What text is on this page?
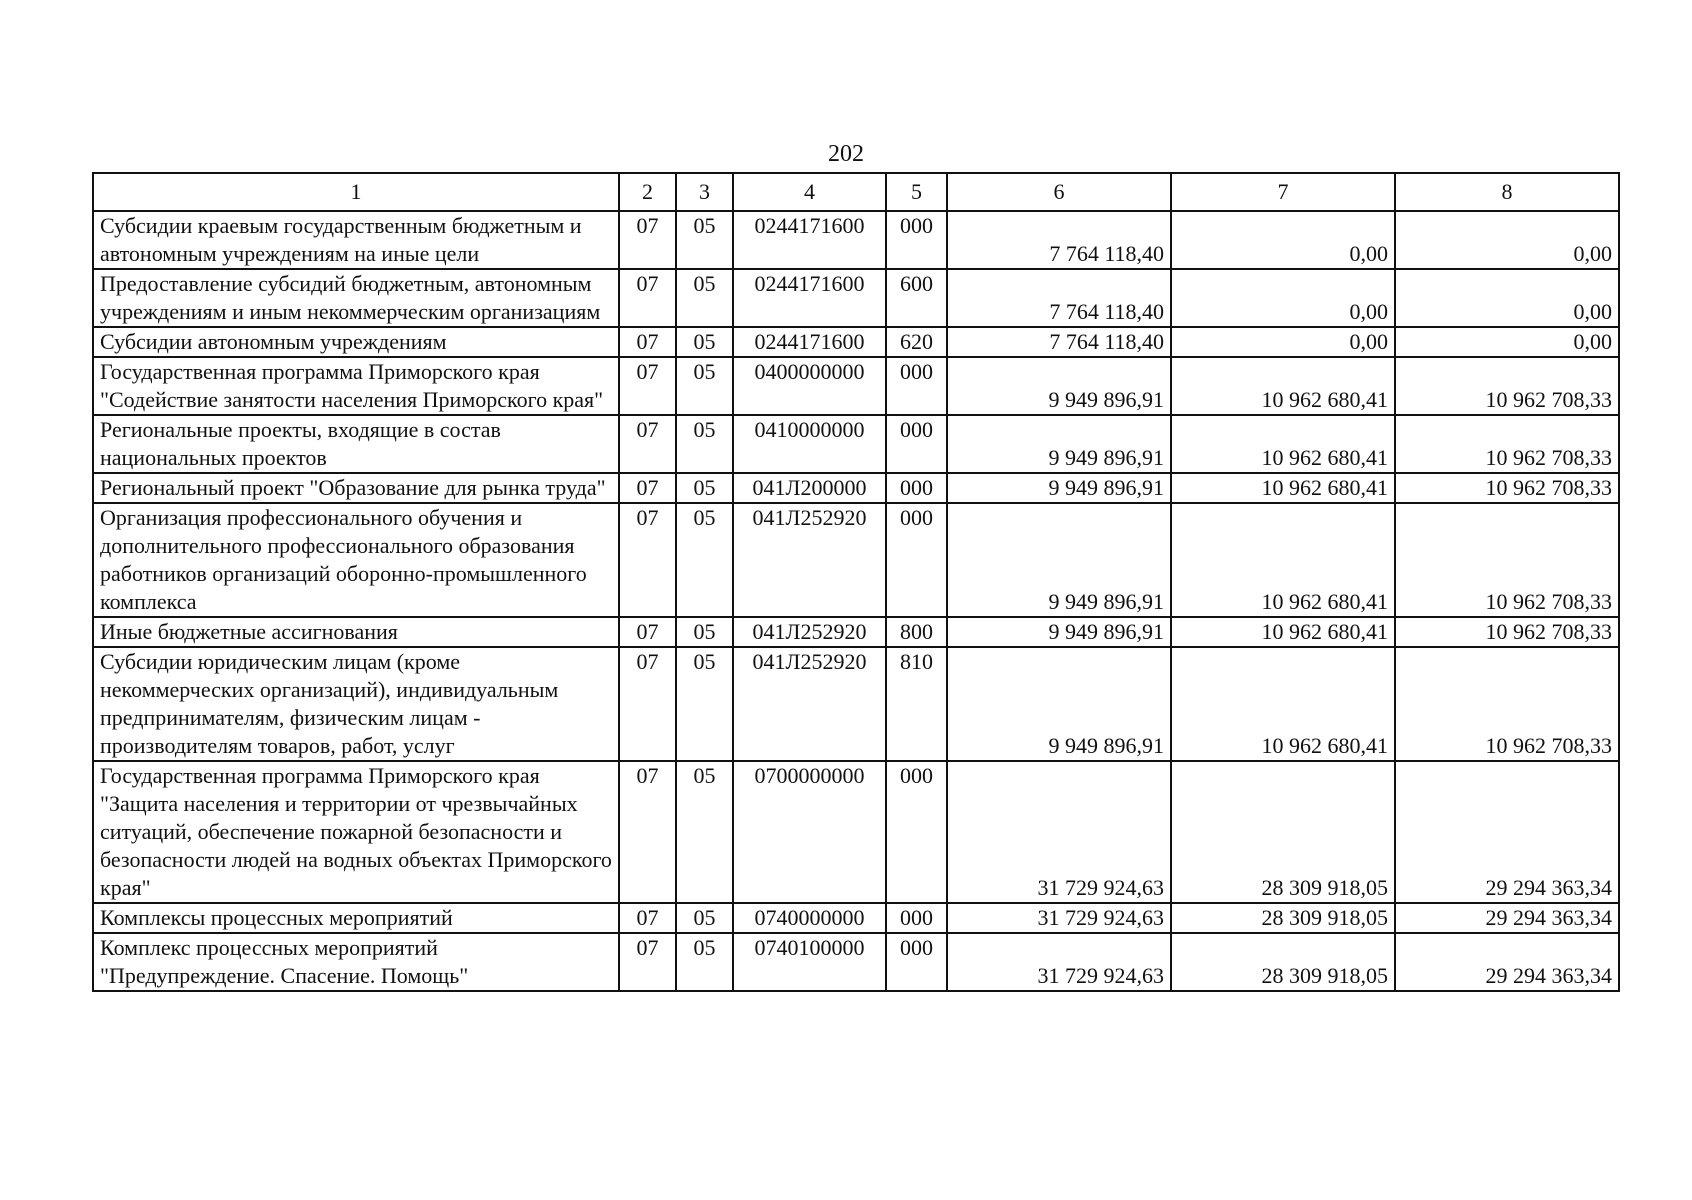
202
1	2	3	4	5	6	7	8
Субсидии краевым государственным бюджетным и автономным учреждениям на иные цели	07	05	0244171600	000	7 764 118,40	0,00	0,00
Предоставление субсидий бюджетным, автономным учреждениям и иным некоммерческим организациям	07	05	0244171600	600	7 764 118,40	0,00	0,00
Субсидии автономным учреждениям	07	05	0244171600	620	7 764 118,40	0,00	0,00
Государственная программа Приморского края "Содействие занятости населения Приморского края"	07	05	0400000000	000	9 949 896,91	10 962 680,41	10 962 708,33
Региональные проекты, входящие в состав национальных проектов	07	05	0410000000	000	9 949 896,91	10 962 680,41	10 962 708,33
Региональный проект "Образование для рынка труда"	07	05	041Л200000	000	9 949 896,91	10 962 680,41	10 962 708,33
Организация профессионального обучения и дополнительного профессионального образования работников организаций оборонно-промышленного комплекса	07	05	041Л252920	000	9 949 896,91	10 962 680,41	10 962 708,33
Иные бюджетные ассигнования	07	05	041Л252920	800	9 949 896,91	10 962 680,41	10 962 708,33
Субсидии юридическим лицам (кроме некоммерческих организаций), индивидуальным предпринимателям, физическим лицам - производителям товаров, работ, услуг	07	05	041Л252920	810	9 949 896,91	10 962 680,41	10 962 708,33
Государственная программа Приморского края "Защита населения и территории от чрезвычайных ситуаций, обеспечение пожарной безопасности и безопасности людей на водных объектах Приморского края"	07	05	0700000000	000	31 729 924,63	28 309 918,05	29 294 363,34
Комплексы процессных мероприятий	07	05	0740000000	000	31 729 924,63	28 309 918,05	29 294 363,34
Комплекс процессных мероприятий "Предупреждение. Спасение. Помощь"	07	05	0740100000	000	31 729 924,63	28 309 918,05	29 294 363,34
